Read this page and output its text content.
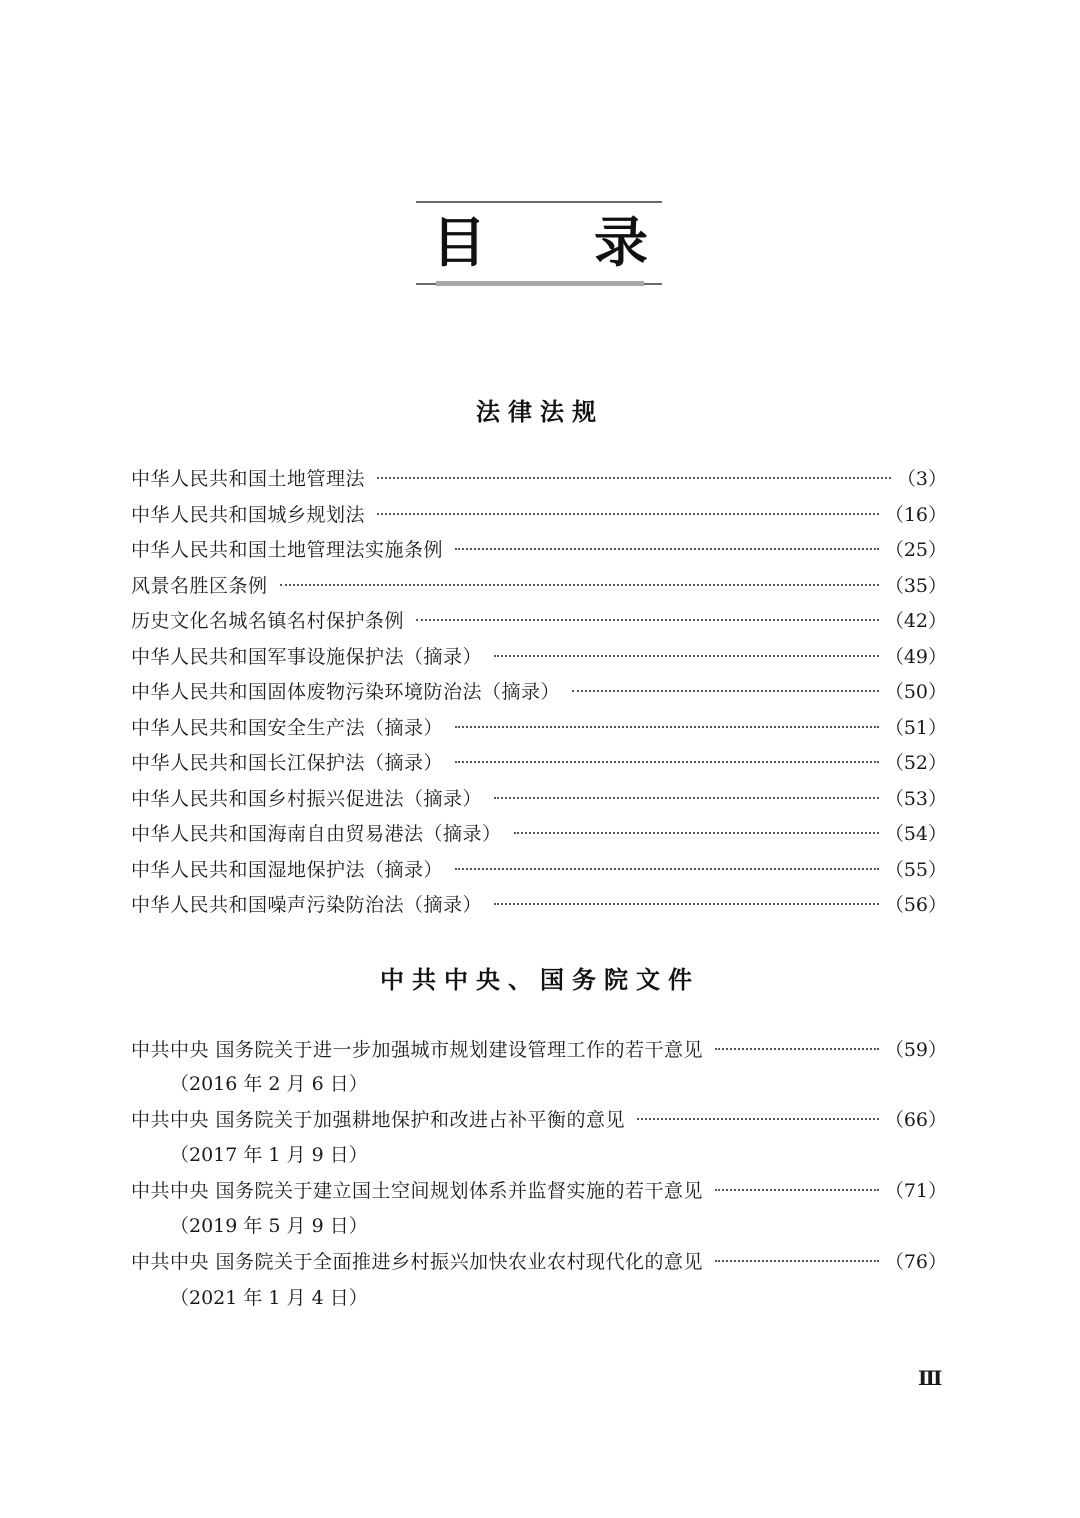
目 录
法律法规
中华人民共和国土地管理法	（3）
中华人民共和国城乡规划法	（16）
中华人民共和国土地管理法实施条例	（25）
风景名胜区条例	（35）
历史文化名城名镇名村保护条例	（42）
中华人民共和国军事设施保护法（摘录）	（49）
中华人民共和国固体废物污染环境防治法（摘录）	（50）
中华人民共和国安全生产法（摘录）	（51）
中华人民共和国长江保护法（摘录）	（52）
中华人民共和国乡村振兴促进法（摘录）	（53）
中华人民共和国海南自由贸易港法（摘录）	（54）
中华人民共和国湿地保护法（摘录）	（55）
中华人民共和国噪声污染防治法（摘录）	（56）
中共中央、国务院文件
中共中央 国务院关于进一步加强城市规划建设管理工作的若干意见	（59）
（2016 年 2 月 6 日）
中共中央 国务院关于加强耕地保护和改进占补平衡的意见	（66）
（2017 年 1 月 9 日）
中共中央 国务院关于建立国土空间规划体系并监督实施的若干意见	（71）
（2019 年 5 月 9 日）
中共中央 国务院关于全面推进乡村振兴加快农业农村现代化的意见	（76）
（2021 年 1 月 4 日）
Ⅲ
